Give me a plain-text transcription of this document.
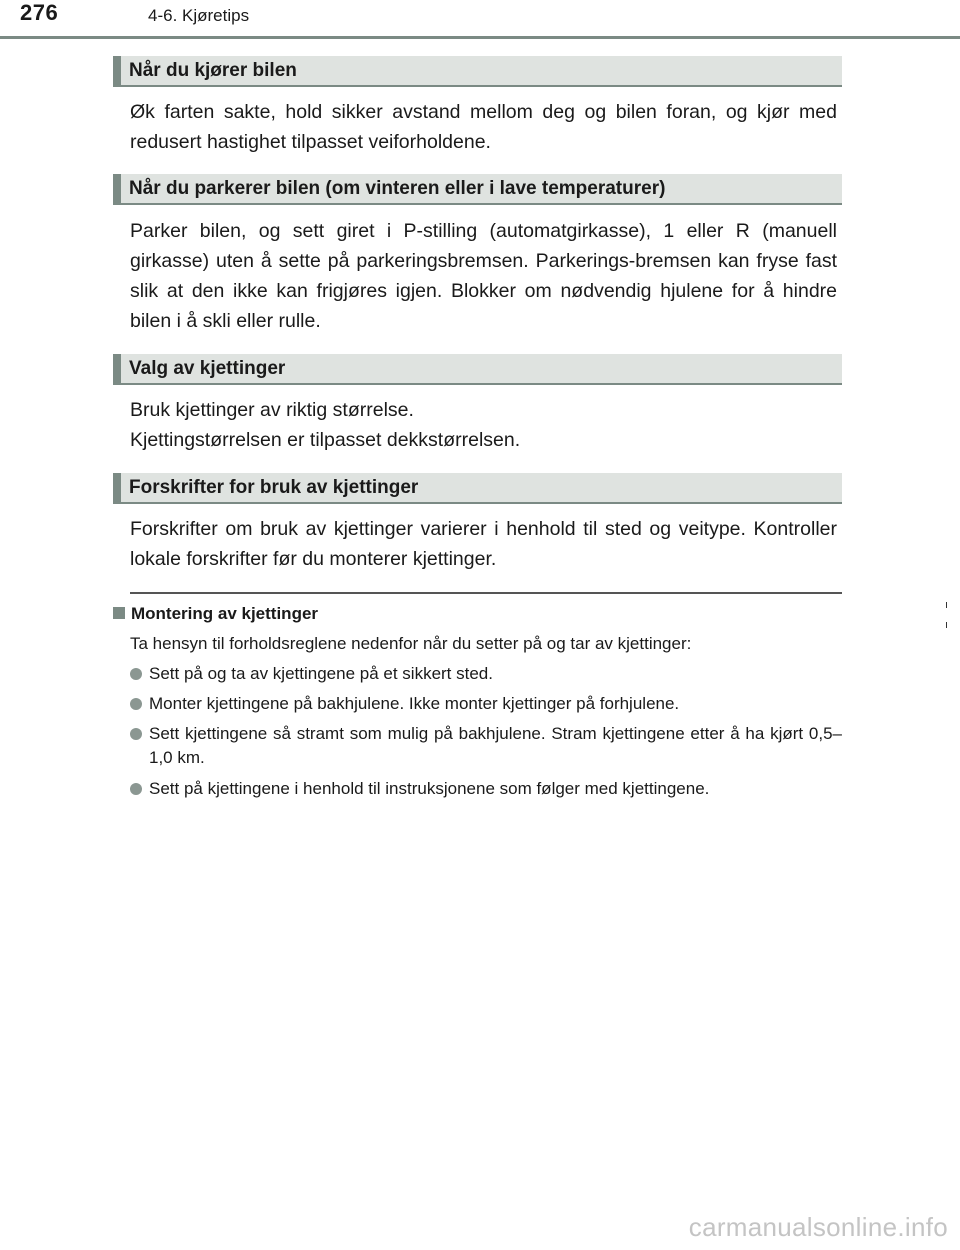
276	4-6. Kjøretips
Når du kjører bilen
Øk farten sakte, hold sikker avstand mellom deg og bilen foran, og kjør med redusert hastighet tilpasset veiforholdene.
Når du parkerer bilen (om vinteren eller i lave temperaturer)
Parker bilen, og sett giret i P-stilling (automatgirkasse), 1 eller R (manuell girkasse) uten å sette på parkeringsbremsen. Parkerings-bremsen kan fryse fast slik at den ikke kan frigjøres igjen. Blokker om nødvendig hjulene for å hindre bilen i å skli eller rulle.
Valg av kjettinger
Bruk kjettinger av riktig størrelse.
Kjettingstørrelsen er tilpasset dekkstørrelsen.
Forskrifter for bruk av kjettinger
Forskrifter om bruk av kjettinger varierer i henhold til sted og veitype. Kontroller lokale forskrifter før du monterer kjettinger.
Montering av kjettinger
Ta hensyn til forholdsreglene nedenfor når du setter på og tar av kjettinger:
Sett på og ta av kjettingene på et sikkert sted.
Monter kjettingene på bakhjulene. Ikke monter kjettinger på forhjulene.
Sett kjettingene så stramt som mulig på bakhjulene. Stram kjettingene etter å ha kjørt 0,5–1,0 km.
Sett på kjettingene i henhold til instruksjonene som følger med kjettingene.
carmanualsonline.info
